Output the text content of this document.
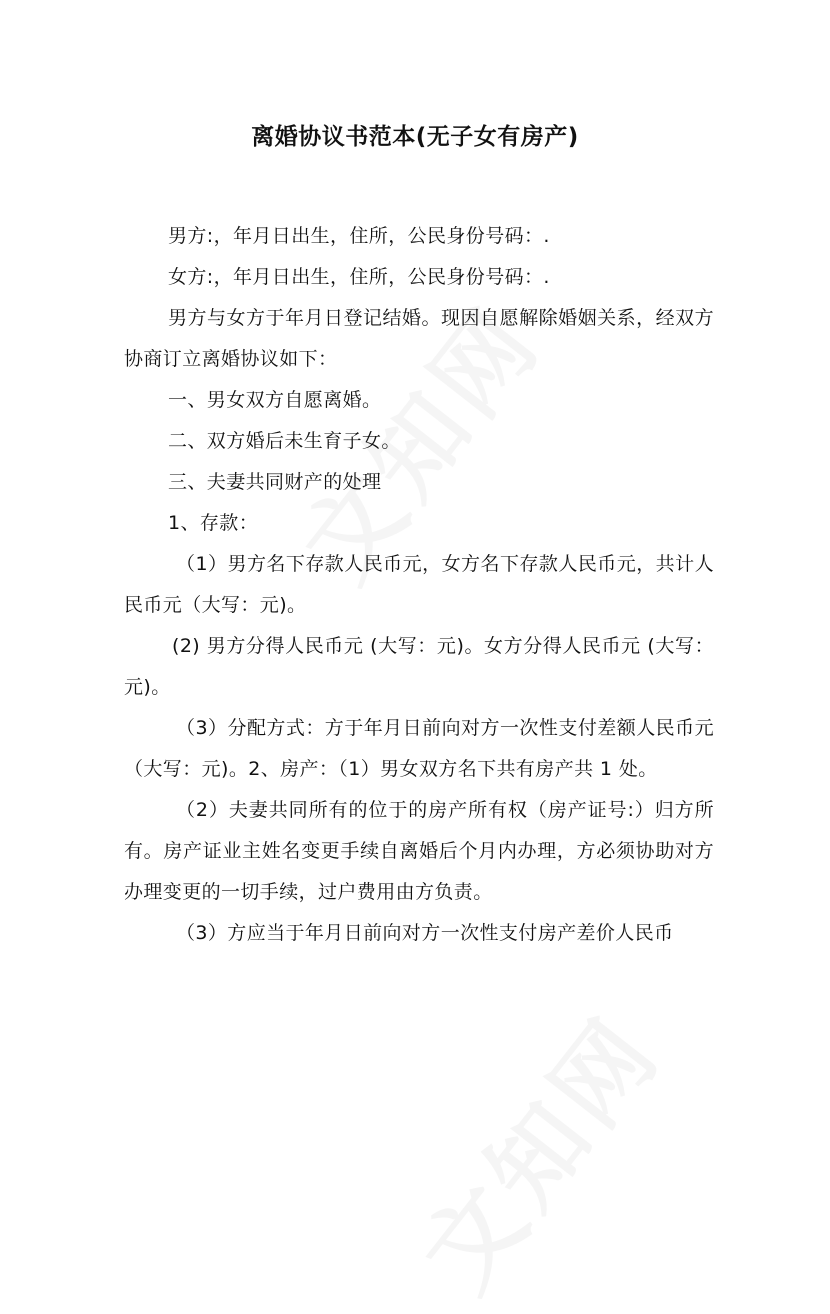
离婚协议书范本(无子女有房产)

男方:，年月日出生，住所，公民身份号码：.

女方:，年月日出生，住所，公民身份号码：.

男方与女方于年月日登记结婚。现因自愿解除婚姻关系，经双方协商订立离婚协议如下：

一、男女双方自愿离婚。

二、双方婚后未生育子女。

三、夫妻共同财产的处理

1、存款：

（1）男方名下存款人民币元，女方名下存款人民币元，共计人民币元（大写：元)。

(2) 男方分得人民币元 (大写：元)。女方分得人民币元 (大写：元)。

（3）分配方式：方于年月日前向对方一次性支付差额人民币元（大写：元)。2、房产：（1）男女双方名下共有房产共 1 处。

（2）夫妻共同所有的位于的房产所有权（房产证号:）归方所有。房产证业主姓名变更手续自离婚后个月内办理，方必须协助对方办理变更的一切手续，过户费用由方负责。

（3）方应当于年月日前向对方一次性支付房产差价人民币
